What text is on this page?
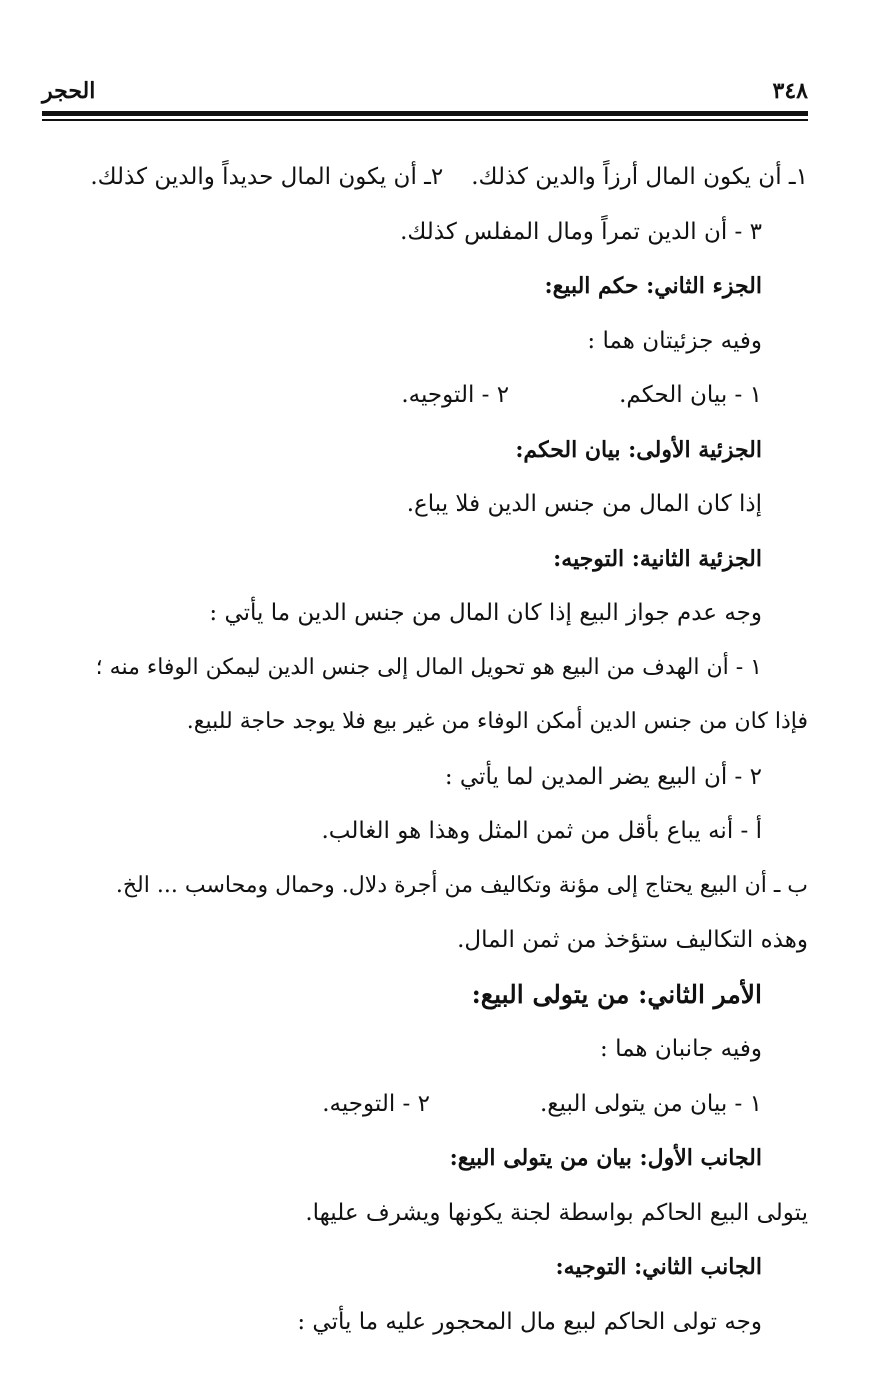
٣٤٨
الحجر
١ـ أن يكون المال أرزاً والدين كذلك.٢ـ أن يكون المال حديداً والدين كذلك.
٣ - أن الدين تمراً ومال المفلس كذلك.
الجزء الثاني: حكم البيع:
وفيه جزئيتان هما :
١ - بيان الحكم.٢ - التوجيه.
الجزئية الأولى: بيان الحكم:
إذا كان المال من جنس الدين فلا يباع.
الجزئية الثانية: التوجيه:
وجه عدم جواز البيع إذا كان المال من جنس الدين ما يأتي :
١ - أن الهدف من البيع هو تحويل المال إلى جنس الدين ليمكن الوفاء منه ؛
فإذا كان من جنس الدين أمكن الوفاء من غير بيع فلا يوجد حاجة للبيع.
٢ - أن البيع يضر المدين لما يأتي :
أ - أنه يباع بأقل من ثمن المثل وهذا هو الغالب.
ب ـ أن البيع يحتاج إلى مؤنة وتكاليف من أجرة دلال. وحمال ومحاسب ... الخ.
وهذه التكاليف ستؤخذ من ثمن المال.
الأمر الثاني: من يتولى البيع:
وفيه جانبان هما :
١ - بيان من يتولى البيع.٢ - التوجيه.
الجانب الأول: بيان من يتولى البيع:
يتولى البيع الحاكم بواسطة لجنة يكونها ويشرف عليها.
الجانب الثاني: التوجيه:
وجه تولى الحاكم لبيع مال المحجور عليه ما يأتي :
